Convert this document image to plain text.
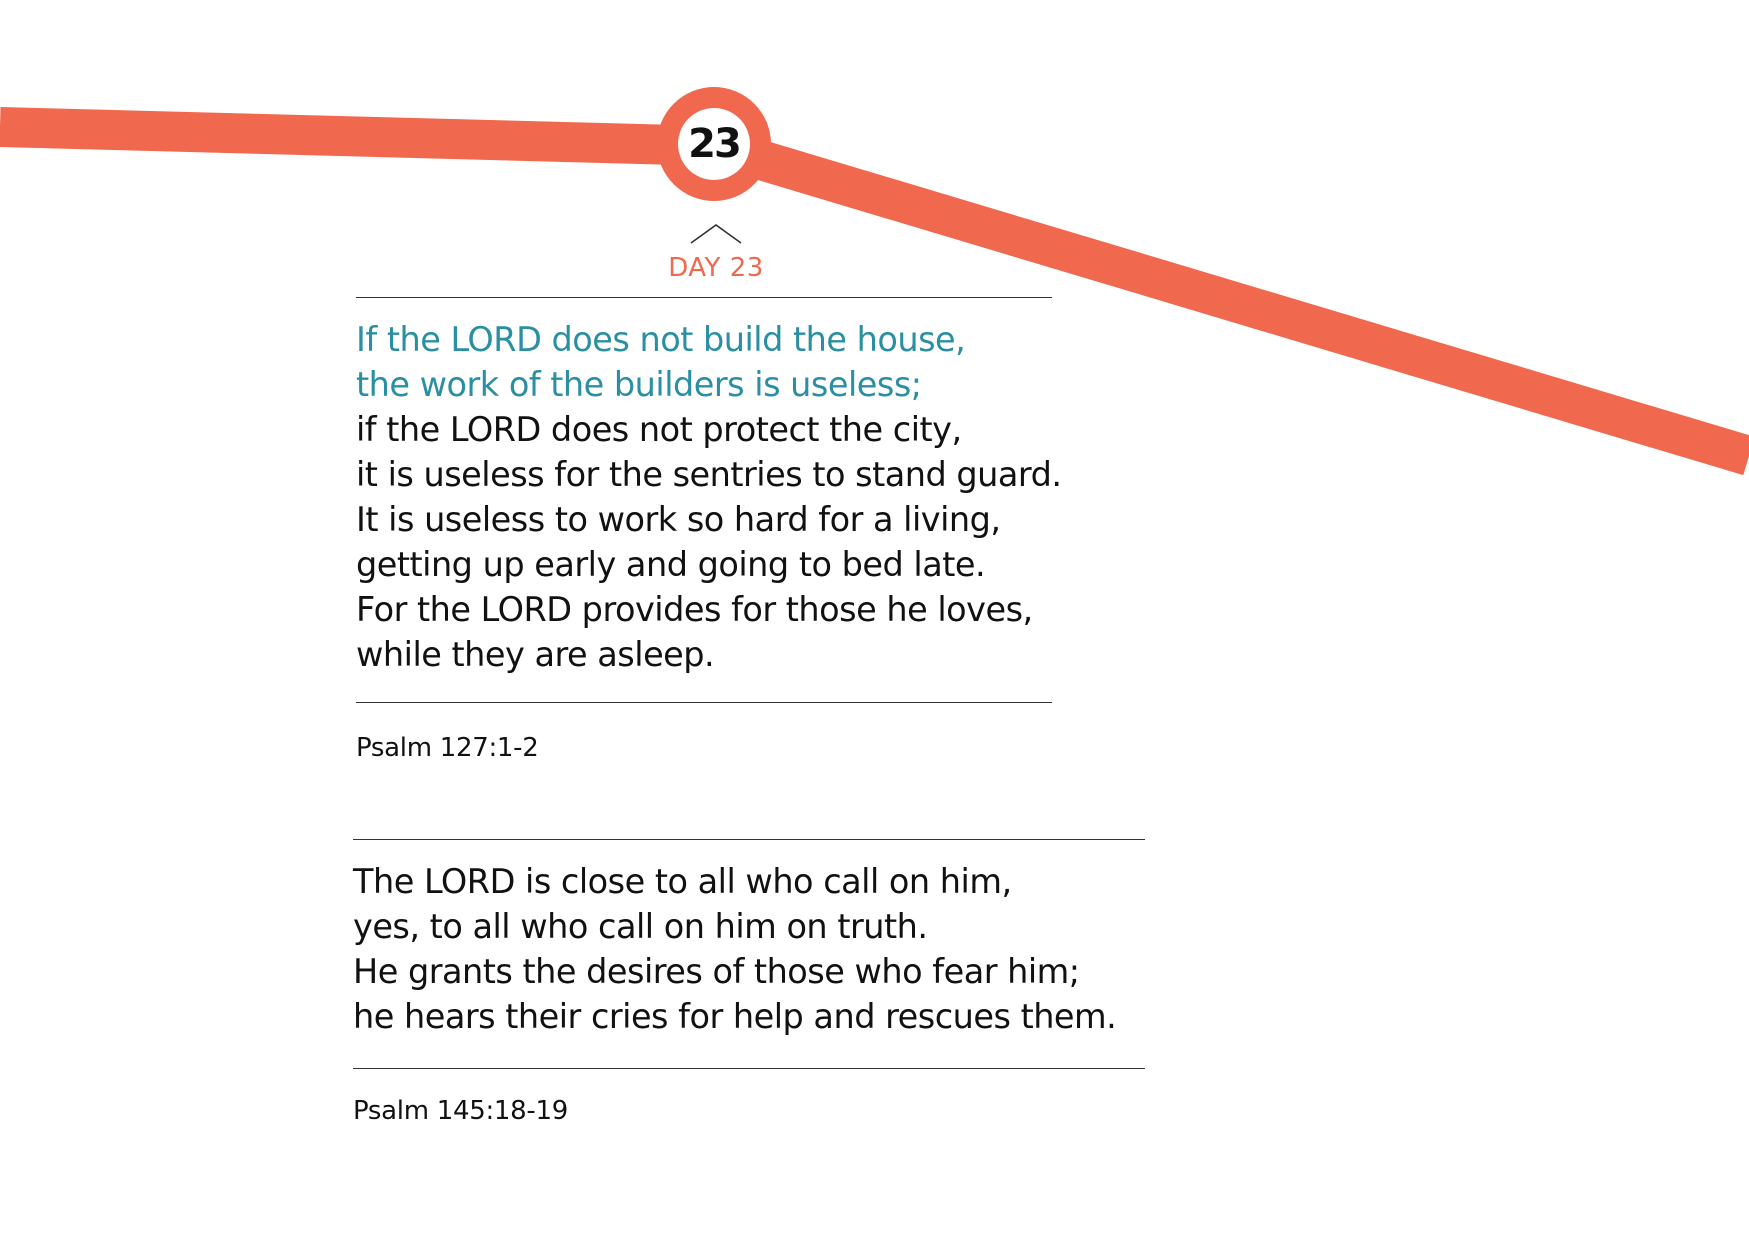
23
DAY 23
If the LORD does not build the house,
the work of the builders is useless;
if the LORD does not protect the city,
it is useless for the sentries to stand guard.
It is useless to work so hard for a living,
getting up early and going to bed late.
For the LORD provides for those he loves,
while they are asleep.
Psalm 127:1-2
The LORD is close to all who call on him,
yes, to all who call on him on truth.
He grants the desires of those who fear him;
he hears their cries for help and rescues them.
Psalm 145:18-19
